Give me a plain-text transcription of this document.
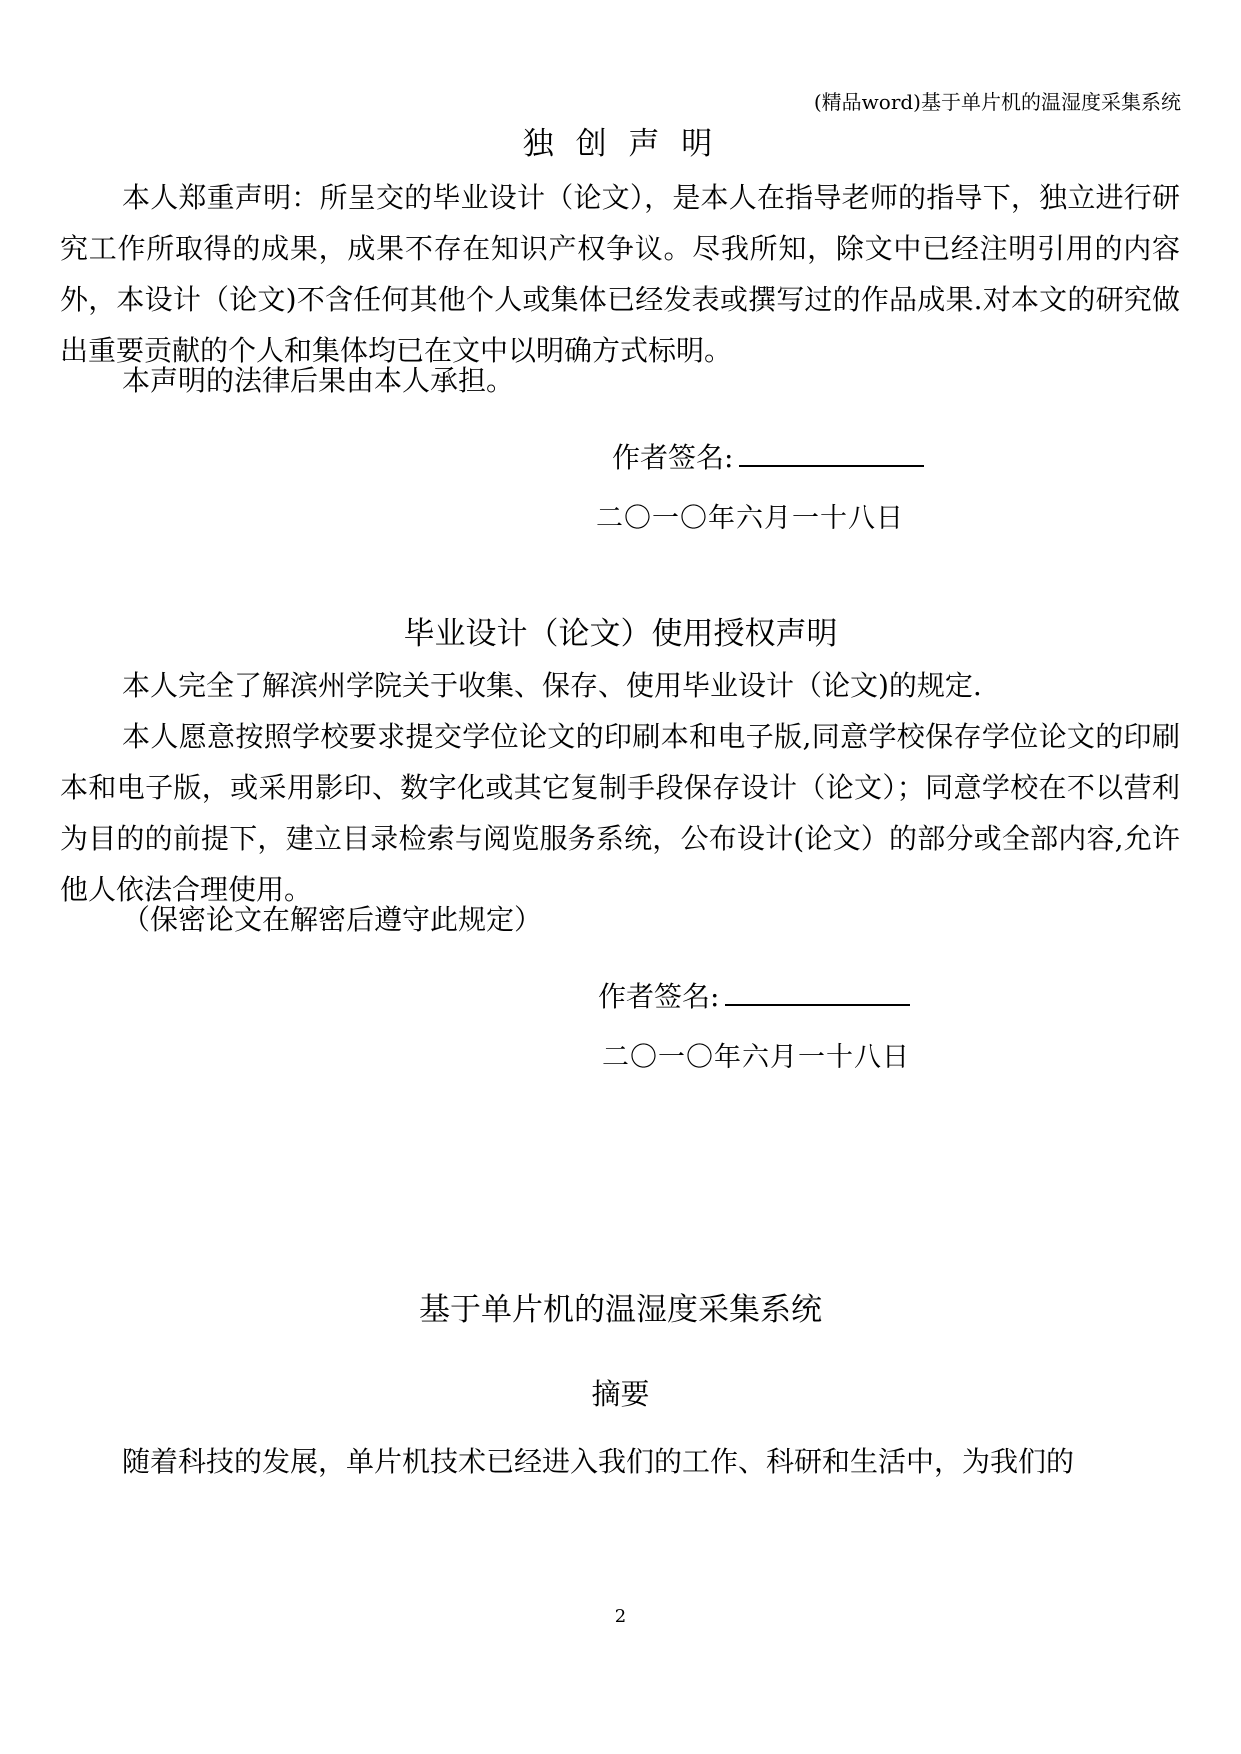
(精品word)基于单片机的温湿度采集系统
独 创 声 明
本人郑重声明：所呈交的毕业设计（论文），是本人在指导老师的指导下，独立进行研究工作所取得的成果，成果不存在知识产权争议。尽我所知，除文中已经注明引用的内容外，本设计（论文)不含任何其他个人或集体已经发表或撰写过的作品成果.对本文的研究做出重要贡献的个人和集体均已在文中以明确方式标明。
本声明的法律后果由本人承担。
作者签名:
二〇一〇年六月一十八日
毕业设计（论文）使用授权声明
本人完全了解滨州学院关于收集、保存、使用毕业设计（论文)的规定.
本人愿意按照学校要求提交学位论文的印刷本和电子版,同意学校保存学位论文的印刷本和电子版，或采用影印、数字化或其它复制手段保存设计（论文）；同意学校在不以营利为目的的前提下，建立目录检索与阅览服务系统，公布设计(论文）的部分或全部内容,允许他人依法合理使用。
（保密论文在解密后遵守此规定）
作者签名:
二〇一〇年六月一十八日
基于单片机的温湿度采集系统
摘要
随着科技的发展，单片机技术已经进入我们的工作、科研和生活中，为我们的
2
